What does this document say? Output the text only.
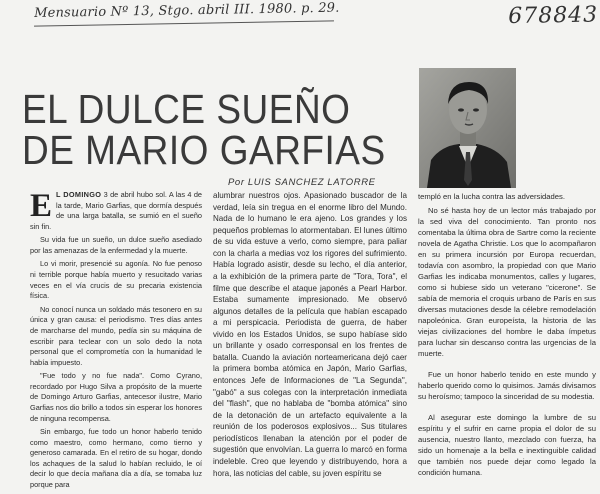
Mensuario Nº 13, Stgo. abril III. 1980. p. 29.	678843
EL DULCE SUEÑO
DE MARIO GARFIAS
Por LUIS SANCHEZ LATORRE

E L DOMINGO 3 de abril hubo sol. A las 4 de la tarde, Mario Garfias, que dormía después de una larga batalla, se sumió en el sueño sin fin.

Su vida fue un sueño, un dulce sueño asediado por las amenazas de la enfermedad y la muerte.

Lo vi morir, presencié su agonía. No fue penoso ni terrible porque había muerto y resucitado varias veces en el vía crucis de su precaria existencia física.

No conocí nunca un soldado más tesonero en su única y gran causa: el periodismo. Tres días antes de marcharse del mundo, pedía sin su máquina de escribir para teclear con un solo dedo la nota personal que el comprometía con la humanidad le había impuesto.

"Fue todo y no fue nada". Como Cyrano, recordado por Hugo Silva a propósito de la muerte de Domingo Arturo Garfias, antecesor ilustre, Mario Garfias nos dio brillo a todos sin esperar los honores de ninguna recompensa.

Sin embargo, fue todo un honor haberlo tenido como maestro, como hermano, como tierno y generoso camarada. En el retiro de su hogar, dondo los achaques de la salud lo habían recluido, le oí decir lo que decía mañana día a día, se tomaba luz porque para

alumbrar nuestros ojos. Apasionado buscador de la verdad, leía sin tregua en el enorme libro del Mundo. Nada de lo humano le era ajeno. Los grandes y los pequeños problemas lo atormentaban. El lunes último de su vida estuve a verlo, como siempre, para paliar con la charla a medias voz los rigores del sufrimiento. Había logrado asistir, desde su lecho, el día anterior, a la exhibición de la primera parte de "Tora, Tora", el filme que describe el ataque japonés a Pearl Harbor. Estaba sumamente impresionado. Me observó algunos detalles de la película que habían escapado a mi perspicacia. Periodista de guerra, de haber vivido en los Estados Unidos, se supo habíase sido un brillante y osado corresponsal en los frentes de batalla. Cuando la aviación norteamericana dejó caer la primera bomba atómica en Japón, Mario Garfias, entonces Jefe de Informaciones de "La Segunda", "gabó" a sus colegas con la interpretación inmediata del "flash", que no hablaba de "bomba atómica" sino de la detonación de un artefacto equivalente a la reunión de los poderosos explosivos... Sus titulares periodísticos llenaban la atención por el poder de sugestión que envolvían. La guerra lo marcó en forma indeleble. Creo que leyendo y distribuyendo, hora a hora, las noticias del cable, su joven espíritu se

templó en la lucha contra las adversidades.

No sé hasta hoy de un lector más trabajado por la sed viva del conocimiento. Tan pronto nos comentaba la última obra de Sartre como la reciente novela de Agatha Christie. Los que lo acompañaron en su primera incursión por Europa recuerdan, todavía con asombro, la propiedad con que Mario Garfias les indicaba monumentos, calles y lugares, como si hubiese sido un veterano "cicerone". Se sabía de memoria el croquis urbano de París en sus diversas mutaciones desde la célebre remodelación napoleónica. Gran europeísta, la historia de las viejas civilizaciones del hombre le daba ímpetus para luchar sin descanso contra las urgencias de la muerte.

Fue un honor haberlo tenido en este mundo y haberlo querido como lo quisimos. Jamás divisamos su heroísmo; tampoco la sinceridad de su modestia.

Al asegurar este domingo la lumbre de su espíritu y el sufrir en carne propia el dolor de su ausencia, nuestro llanto, mezclado con fuerza, ha sido un homenaje a la bella e inextinguible calidad que también nos puede dejar como legado la condición humana.
